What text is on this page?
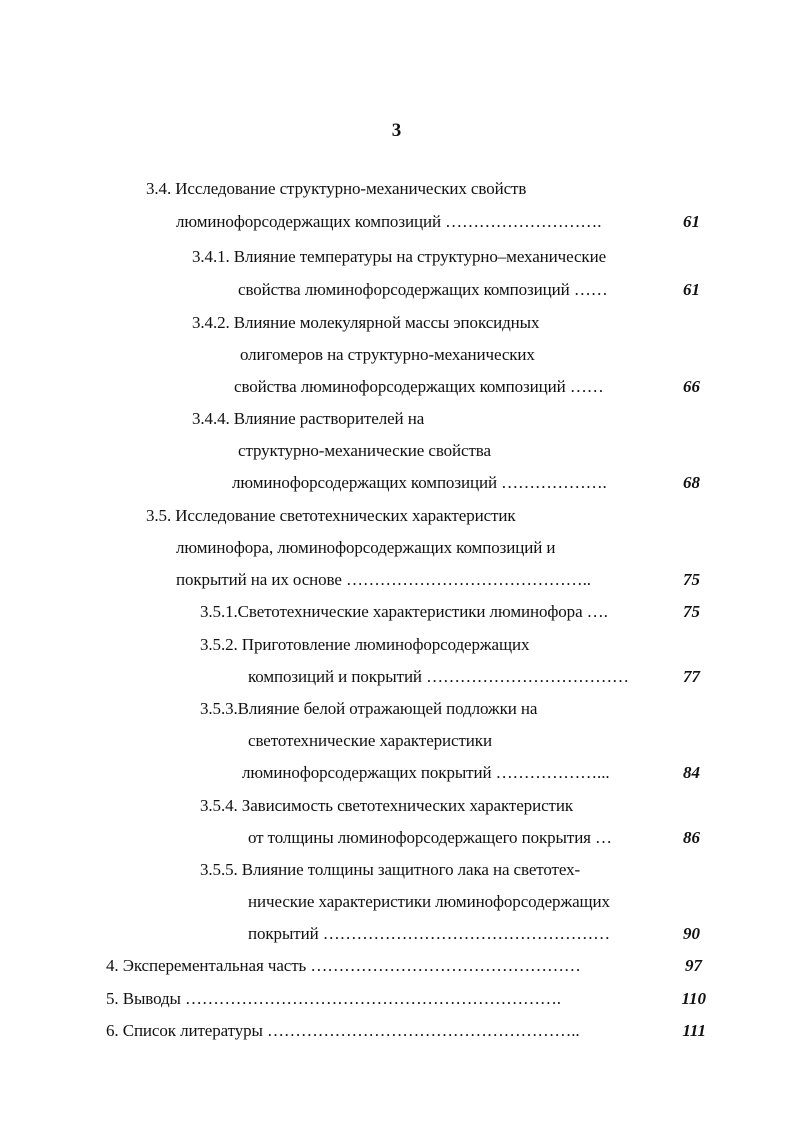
3
3.4. Исследование структурно-механических свойств
люминофорсодержащих композиций ……………………….	61
3.4.1. Влияние температуры на структурно–механические
свойства люминофорсодержащих композиций ……	61
3.4.2. Влияние молекулярной массы эпоксидных
олигомеров на структурно-механических
свойства люминофорсодержащих композиций ……	66
3.4.4. Влияние растворителей на
структурно-механические свойства
люминофорсодержащих композиций ……………….	68
3.5. Исследование светотехнических характеристик
люминофора, люминофорсодержащих композиций и
покрытий на их основе ……………………………………..	75
3.5.1.Светотехнические характеристики люминофора ….	75
3.5.2. Приготовление люминофорсодержащих
композиций и покрытий ………………………………	77
3.5.3.Влияние белой отражающей подложки на
светотехнические характеристики
люминофорсодержащих покрытий ………………...	84
3.5.4. Зависимость светотехнических характеристик
от толщины люминофорсодержащего покрытия …	86
3.5.5. Влияние толщины защитного лака на светотех-
нические характеристики люминофорсодержащих
покрытий ……………………………………………	90
4. Эксперементальная часть …………………………………………	97
5. Выводы ………………………………………………………….	110
6. Список литературы ………………………………………………..	111
